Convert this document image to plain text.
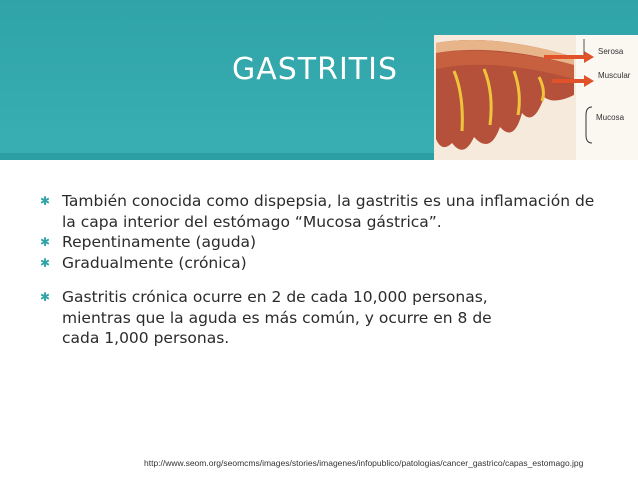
GASTRITIS
Serosa
Muscular
Mucosa
✱ También conocida como dispepsia, la gastritis es una inflamación de la capa interior del estómago “Mucosa gástrica”.
✱ Repentinamente (aguda)
✱ Gradualmente (crónica)
✱ Gastritis crónica ocurre en 2 de cada 10,000 personas, mientras que la aguda es más común, y ocurre en 8 de cada 1,000 personas.
http://www.seom.org/seomcms/images/stories/imagenes/infopublico/patologias/cancer_gastrico/capas_estomago.jpg
